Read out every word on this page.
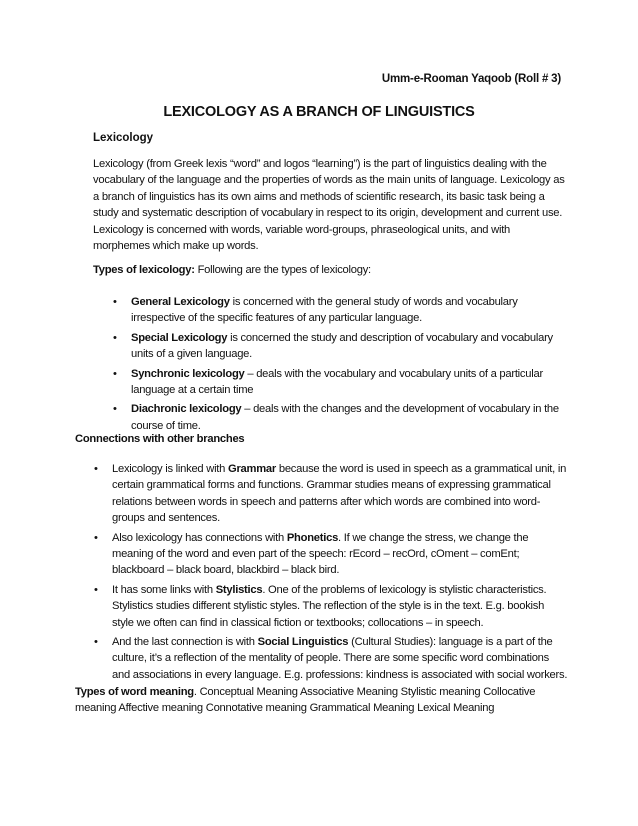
Umm-e-Rooman Yaqoob (Roll # 3)
LEXICOLOGY AS A BRANCH OF LINGUISTICS
Lexicology
Lexicology (from Greek lexis “word” and logos “learning”) is the part of linguistics dealing with the vocabulary of the language and the properties of words as the main units of language. Lexicology as a branch of linguistics has its own aims and methods of scientific research, its basic task being a study and systematic description of vocabulary in respect to its origin, development and current use. Lexicology is concerned with words, variable word-groups, phraseological units, and with morphemes which make up words.
Types of lexicology: Following are the types of lexicology:
• General Lexicology is concerned with the general study of words and vocabulary irrespective of the specific features of any particular language.
• Special Lexicology is concerned the study and description of vocabulary and vocabulary units of a given language.
• Synchronic lexicology – deals with the vocabulary and vocabulary units of a particular language at a certain time
• Diachronic lexicology – deals with the changes and the development of vocabulary in the course of time.
Connections with other branches
• Lexicology is linked with Grammar because the word is used in speech as a grammatical unit, in certain grammatical forms and functions. Grammar studies means of expressing grammatical relations between words in speech and patterns after which words are combined into word-groups and sentences.
• Also lexicology has connections with Phonetics. If we change the stress, we change the meaning of the word and even part of the speech: rEcord – recOrd, cOment – comEnt; blackboard – black board, blackbird – black bird.
• It has some links with Stylistics. One of the problems of lexicology is stylistic characteristics. Stylistics studies different stylistic styles. The reflection of the style is in the text. E.g. bookish style we often can find in classical fiction or textbooks; collocations – in speech.
• And the last connection is with Social Linguistics (Cultural Studies): language is a part of the culture, it’s a reflection of the mentality of people. There are some specific word combinations and associations in every language. E.g. professions: kindness is associated with social workers.
Types of word meaning. Conceptual Meaning Associative Meaning Stylistic meaning Collocative meaning Affective meaning Connotative meaning Grammatical Meaning Lexical Meaning
